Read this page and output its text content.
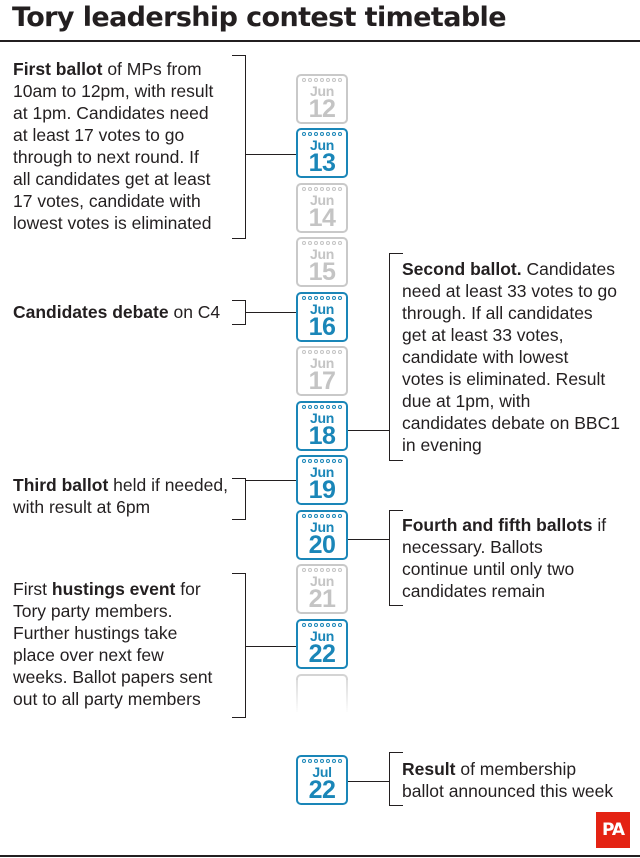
Tory leadership contest timetable
Jun
12
Jun
13
Jun
14
Jun
15
Jun
16
Jun
17
Jun
18
Jun
19
Jun
20
Jun
21
Jun
22
Jul
22

First ballot of MPs from
10am to 12pm, with result
at 1pm. Candidates need
at least 17 votes to go
through to next round. If
all candidates get at least
17 votes, candidate with
lowest votes is eliminated

Candidates debate on C4

Second ballot. Candidates
need at least 33 votes to go
through. If all candidates
get at least 33 votes,
candidate with lowest
votes is eliminated. Result
due at 1pm, with
candidates debate on BBC1
in evening

Third ballot held if needed,
with result at 6pm

Fourth and fifth ballots if
necessary. Ballots
continue until only two
candidates remain

First hustings event for
Tory party members.
Further hustings take
place over next few
weeks. Ballot papers sent
out to all party members

Result of membership
ballot announced this week

PA
